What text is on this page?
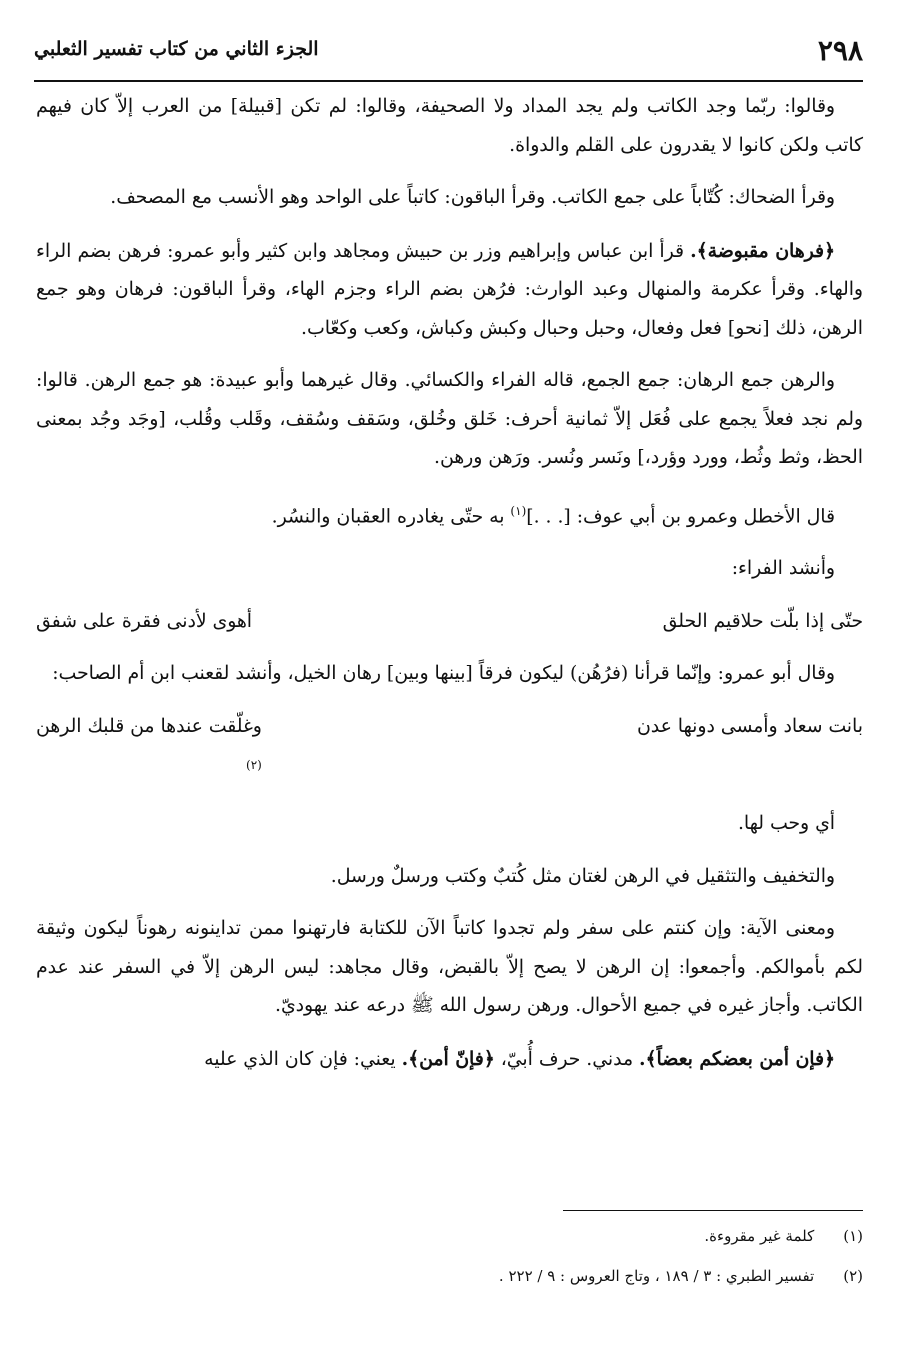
٢٩٨
الجزء الثاني من كتاب تفسير الثعلبي

وقالوا: ربّما وجد الكاتب ولم يجد المداد ولا الصحيفة، وقالوا: لم تكن [قبيلة] من العرب إلاّ كان فيهم كاتب ولكن كانوا لا يقدرون على القلم والدواة.

وقرأ الضحاك: كُتّاباً على جمع الكاتب. وقرأ الباقون: كاتباً على الواحد وهو الأنسب مع المصحف.

﴿فرهان مقبوضة﴾. قرأ ابن عباس وإبراهيم وزر بن حبيش ومجاهد وابن كثير وأبو عمرو: فرهن بضم الراء والهاء. وقرأ عكرمة والمنهال وعبد الوارث: فرُهن بضم الراء وجزم الهاء، وقرأ الباقون: فرهان وهو جمع الرهن، ذلك [نحو] فعل وفعال، وحبل وحبال وكبش وكباش، وكعب وكعّاب.

والرهن جمع الرهان: جمع الجمع، قاله الفراء والكسائي. وقال غيرهما وأبو عبيدة: هو جمع الرهن. قالوا: ولم نجد فعلاً يجمع على فُعَل إلاّ ثمانية أحرف: خَلق وخُلق، وسَقف وسُقف، وقَلب وقُلب، [وجَد وجُد بمعنى الحظ، وثط وثُط، وورد وؤرد،] ونَسر ونُسر. ورَهن ورهن.

قال الأخطل وعمرو بن أبي عوف: [. . .]$^{(١)}$ به حتّى يغادره العقبان والنسُر.

وأنشد الفراء:

حتّى إذا بلّت حلاقيم الحلق
أهوى لأدنى فقرة على شفق

وقال أبو عمرو: وإنّما قرأنا (فرُهُن) ليكون فرقاً [بينها وبين] رهان الخيل، وأنشد لقعنب ابن أم الصاحب:

بانت سعاد وأمسى دونها عدن
وغلّقت عندها من قلبك الرهن
$^{(٢)}$

أي وحب لها.

والتخفيف والتثقيل في الرهن لغتان مثل كُتبٌ وكتب ورسلٌ ورسل.

ومعنى الآية: وإن كنتم على سفر ولم تجدوا كاتباً الآن للكتابة فارتهنوا ممن تداينونه رهوناً ليكون وثيقة لكم بأموالكم. وأجمعوا: إن الرهن لا يصح إلاّ بالقبض، وقال مجاهد: ليس الرهن إلاّ في السفر عند عدم الكاتب. وأجاز غيره في جميع الأحوال. ورهن رسول الله ﷺ درعه عند يهوديّ.

﴿فإن أمن بعضكم بعضاً﴾. مدني. حرف أُبيّ، ﴿فإنّ أمن﴾. يعني: فإن كان الذي عليه

(١) كلمة غير مقروءة.
(٢) تفسير الطبري : ٣ / ١٨٩ ، وتاج العروس : ٩ / ٢٢٢ .
